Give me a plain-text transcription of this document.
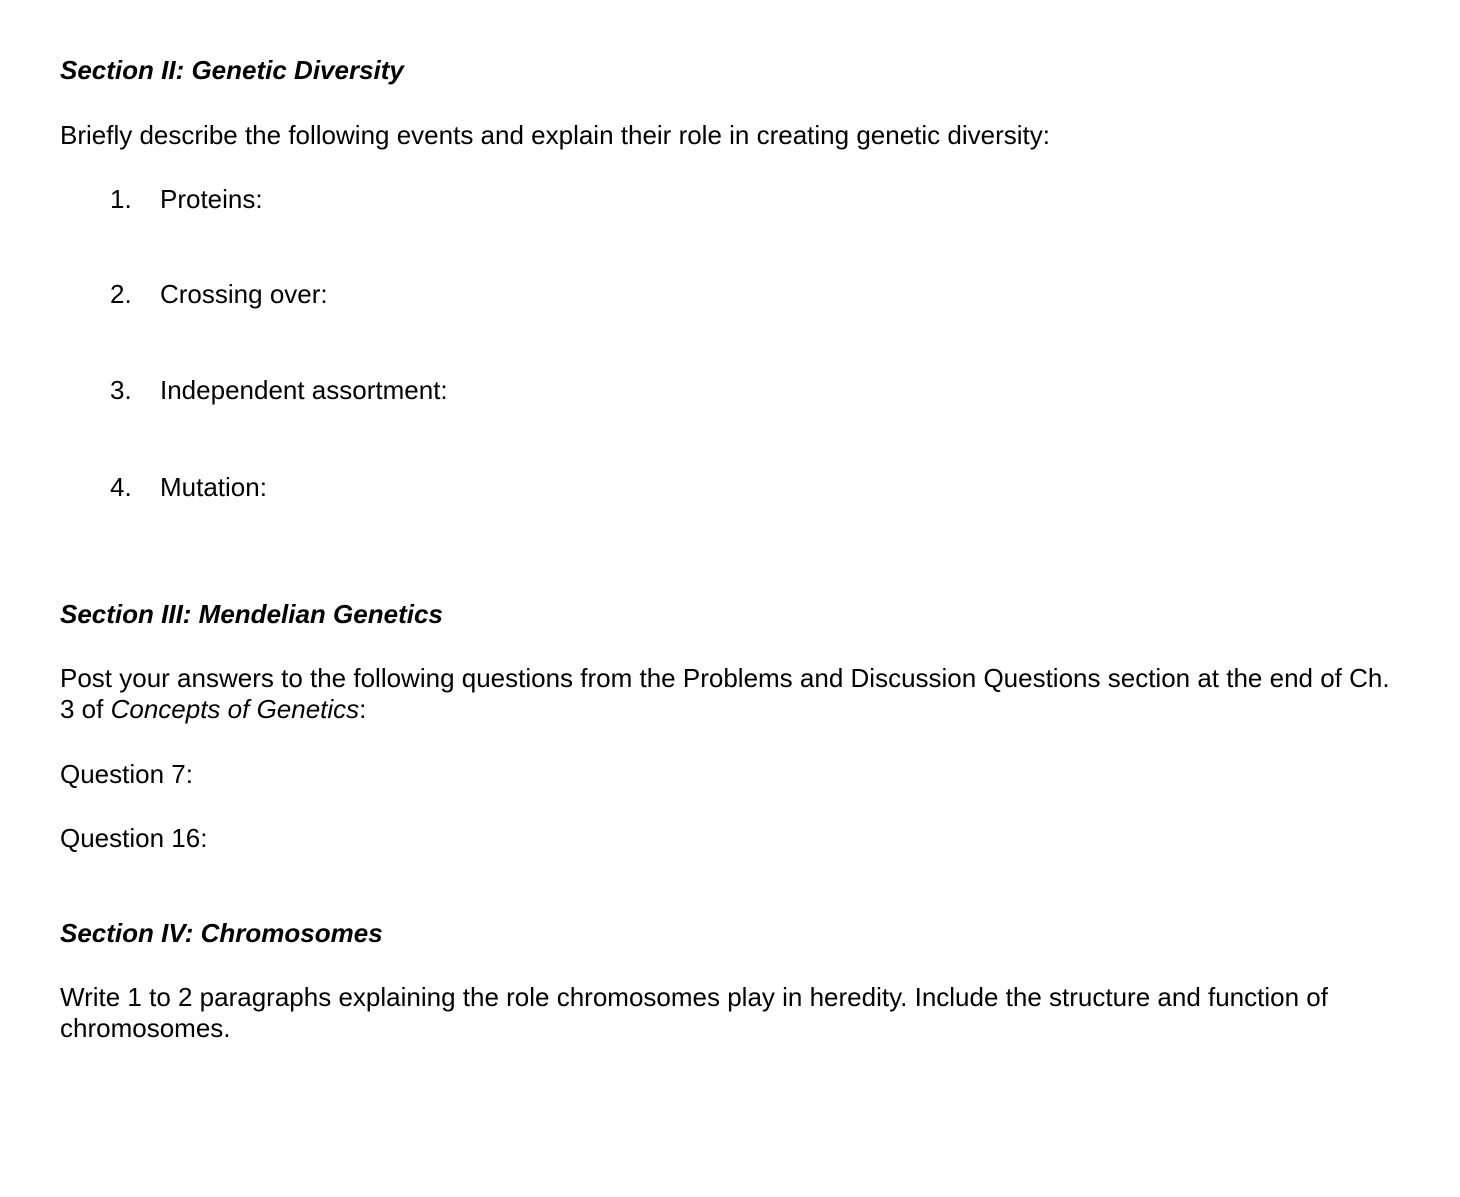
Section II: Genetic Diversity
Briefly describe the following events and explain their role in creating genetic diversity:
1. Proteins:
2. Crossing over:
3. Independent assortment:
4. Mutation:
Section III: Mendelian Genetics
Post your answers to the following questions from the Problems and Discussion Questions section at the end of Ch. 3 of Concepts of Genetics:
Question 7:
Question 16:
Section IV: Chromosomes
Write 1 to 2 paragraphs explaining the role chromosomes play in heredity. Include the structure and function of chromosomes.
